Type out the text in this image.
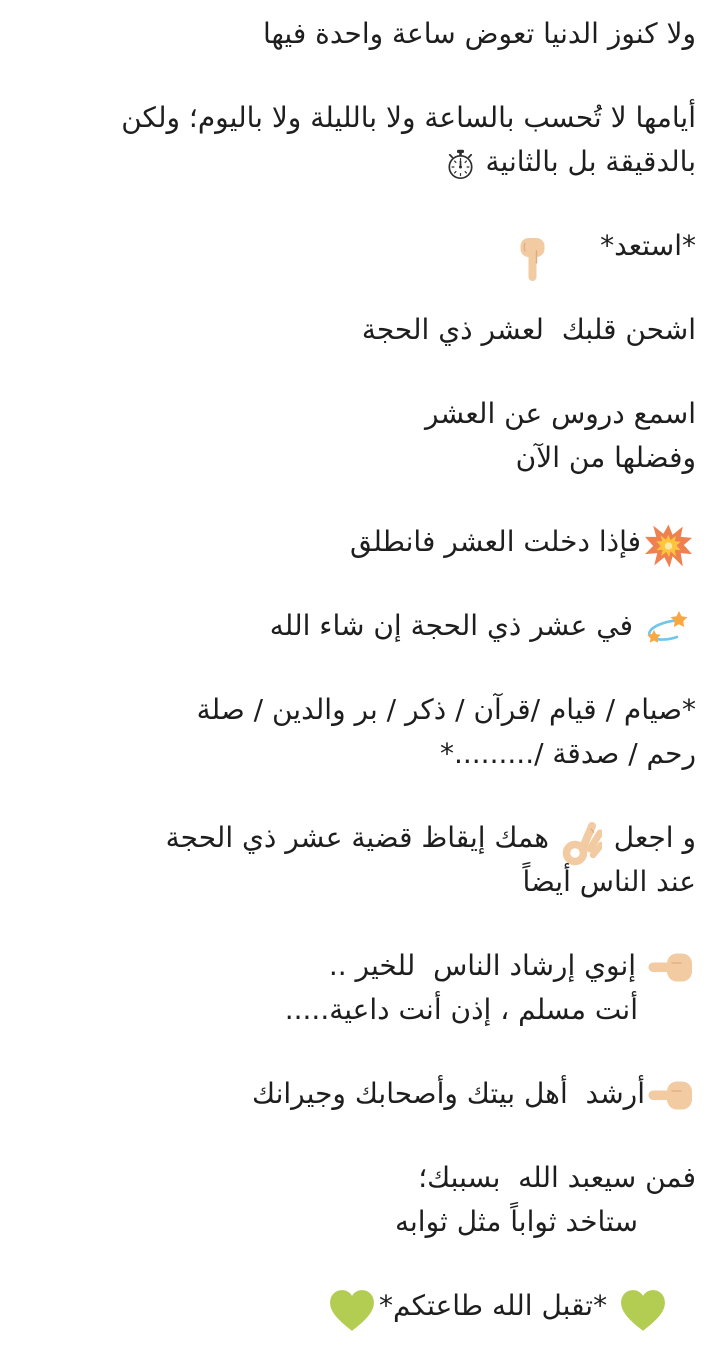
ولا كنوز الدنيا تعوض ساعة واحدة فيها
أيامها لا تُحسب بالساعة ولا بالليلة ولا باليوم؛ ولكن
بالدقيقة بل بالثانية
*استعد*
اشحن قلبك  لعشر ذي الحجة
اسمع دروس عن العشر
وفضلها من الآن
فإذا دخلت العشر فانطلق
في عشر ذي الحجة إن شاء الله
*صيام / قيام /قرآن / ذكر / بر والدين / صلة
رحم / صدقة /.........*
و اجعل  همك إيقاظ قضية عشر ذي الحجة
عند الناس أيضاً
إنوي إرشاد الناس  للخير ..
أنت مسلم ، إذن أنت داعية.....
أرشد  أهل بيتك وأصحابك وجيرانك
فمن سيعبد الله  بسببك؛
ستاخد ثواباً مثل ثوابه
*تقبل الله طاعتكم*
